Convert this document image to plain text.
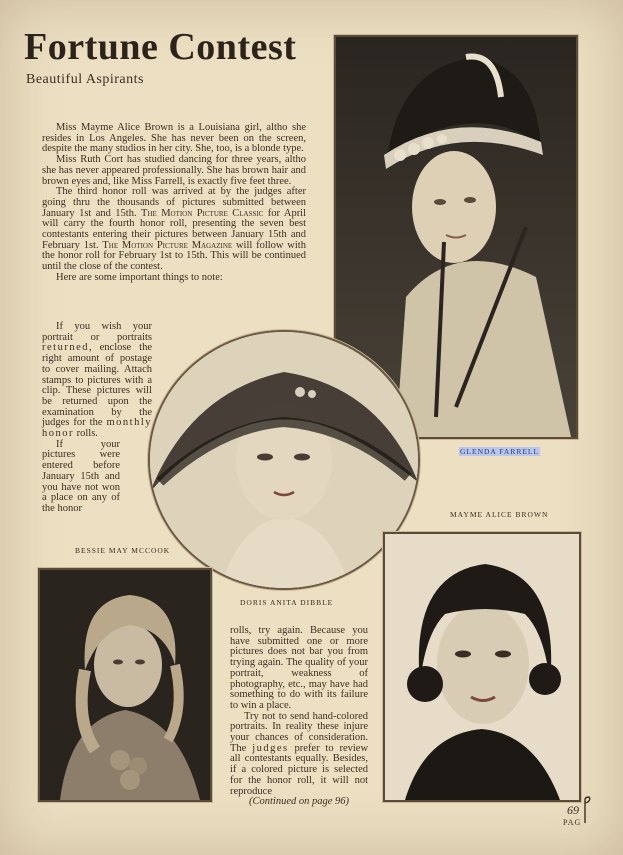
Fortune Contest
Beautiful Aspirants

Miss Mayme Alice Brown is a Louisiana girl, altho she resides in Los Angeles. She has never been on the screen, despite the many studios in her city. She, too, is a blonde type.

Miss Ruth Cort has studied dancing for three years, altho she has never appeared professionally. She has brown hair and brown eyes and, like Miss Farrell, is exactly five feet three.

The third honor roll was arrived at by the judges after going thru the thousands of pictures submitted between January 1st and 15th. The Motion Picture Classic for April will carry the fourth honor roll, presenting the seven best contestants entering their pictures between January 15th and February 1st. The Motion Picture Magazine will follow with the honor roll for February 1st to 15th. This will be continued until the close of the contest.

Here are some important things to note:

If you wish your portrait or portraits returned, enclose the right amount of postage to cover mailing. Attach stamps to pictures with a clip. These pictures will be returned upon the examination by the judges for the monthly honor rolls.

If your pictures were entered before January 15th and you have not won a place on any of the honor

rolls, try again. Because you have submitted one or more pictures does not bar you from trying again. The quality of your portrait, weakness of photography, etc., may have had something to do with its failure to win a place.

Try not to send hand-colored portraits. In reality these injure your chances of consideration. The judges prefer to review all contestants equally. Besides, if a colored picture is selected for the honor roll, it will not reproduce

(Continued on page 96)

GLENDA FARRELL
MAYME ALICE BROWN
BESSIE MAY MCCOOK
DORIS ANITA DIBBLE
69
PAG
